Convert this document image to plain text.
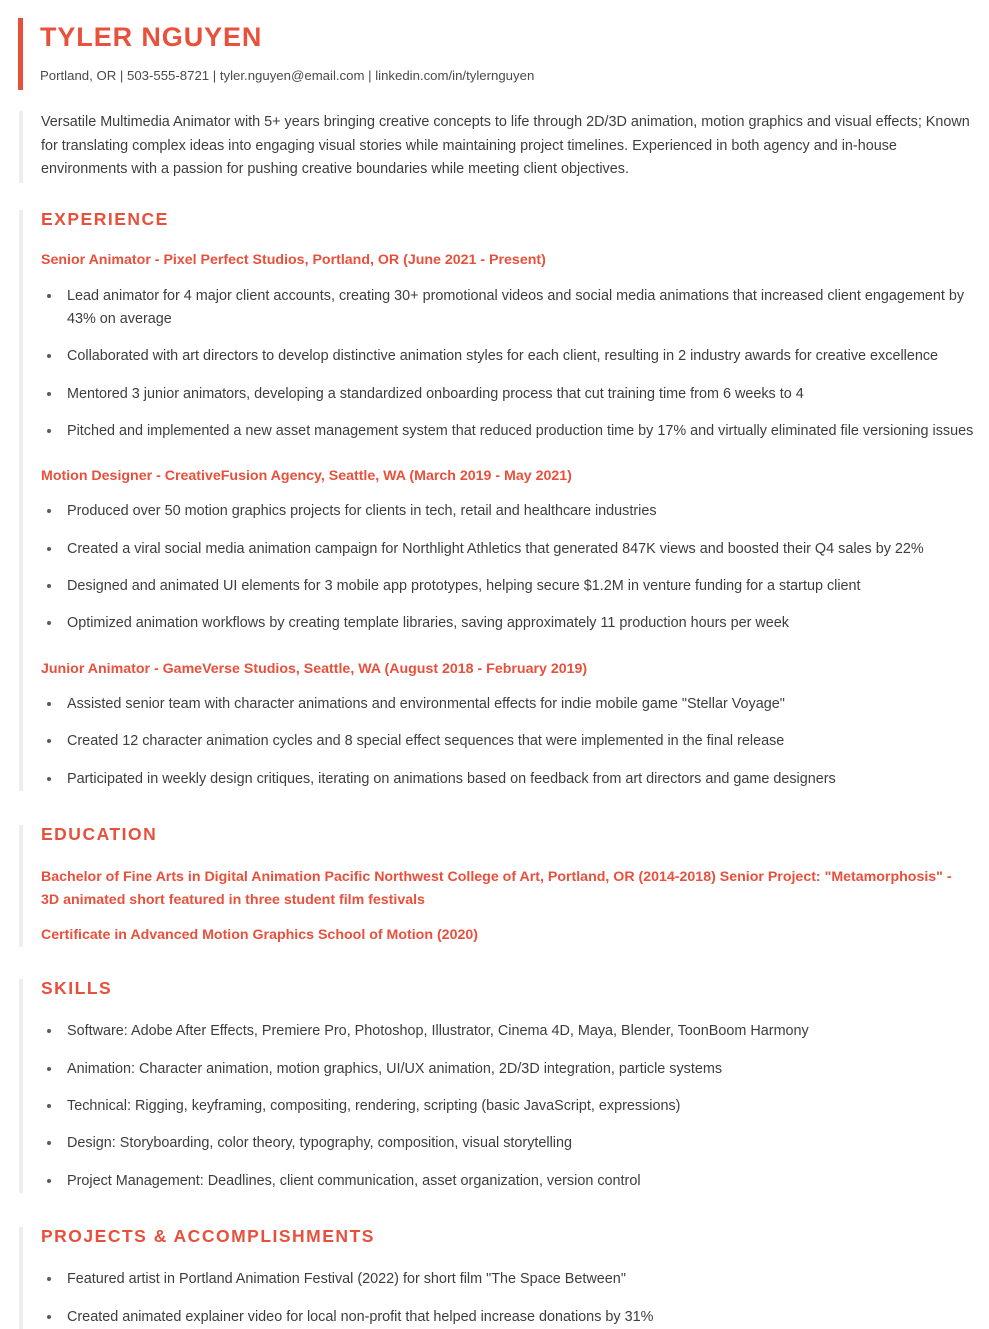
TYLER NGUYEN

Portland, OR | 503-555-8721 | tyler.nguyen@email.com | linkedin.com/in/tylernguyen

Versatile Multimedia Animator with 5+ years bringing creative concepts to life through 2D/3D animation, motion graphics and visual effects; Known for translating complex ideas into engaging visual stories while maintaining project timelines. Experienced in both agency and in-house environments with a passion for pushing creative boundaries while meeting client objectives.

EXPERIENCE
Senior Animator - Pixel Perfect Studios, Portland, OR (June 2021 - Present)
Lead animator for 4 major client accounts, creating 30+ promotional videos and social media animations that increased client engagement by 43% on average
Collaborated with art directors to develop distinctive animation styles for each client, resulting in 2 industry awards for creative excellence
Mentored 3 junior animators, developing a standardized onboarding process that cut training time from 6 weeks to 4
Pitched and implemented a new asset management system that reduced production time by 17% and virtually eliminated file versioning issues
Motion Designer - CreativeFusion Agency, Seattle, WA (March 2019 - May 2021)
Produced over 50 motion graphics projects for clients in tech, retail and healthcare industries
Created a viral social media animation campaign for Northlight Athletics that generated 847K views and boosted their Q4 sales by 22%
Designed and animated UI elements for 3 mobile app prototypes, helping secure $1.2M in venture funding for a startup client
Optimized animation workflows by creating template libraries, saving approximately 11 production hours per week
Junior Animator - GameVerse Studios, Seattle, WA (August 2018 - February 2019)
Assisted senior team with character animations and environmental effects for indie mobile game "Stellar Voyage"
Created 12 character animation cycles and 8 special effect sequences that were implemented in the final release
Participated in weekly design critiques, iterating on animations based on feedback from art directors and game designers
EDUCATION

Bachelor of Fine Arts in Digital Animation Pacific Northwest College of Art, Portland, OR (2014-2018) Senior Project: "Metamorphosis" - 3D animated short featured in three student film festivals

Certificate in Advanced Motion Graphics School of Motion (2020)

SKILLS
Software: Adobe After Effects, Premiere Pro, Photoshop, Illustrator, Cinema 4D, Maya, Blender, ToonBoom Harmony
Animation: Character animation, motion graphics, UI/UX animation, 2D/3D integration, particle systems
Technical: Rigging, keyframing, compositing, rendering, scripting (basic JavaScript, expressions)
Design: Storyboarding, color theory, typography, composition, visual storytelling
Project Management: Deadlines, client communication, asset organization, version control
PROJECTS & ACCOMPLISHMENTS
Featured artist in Portland Animation Festival (2022) for short film "The Space Between"
Created animated explainer video for local non-profit that helped increase donations by 31%
